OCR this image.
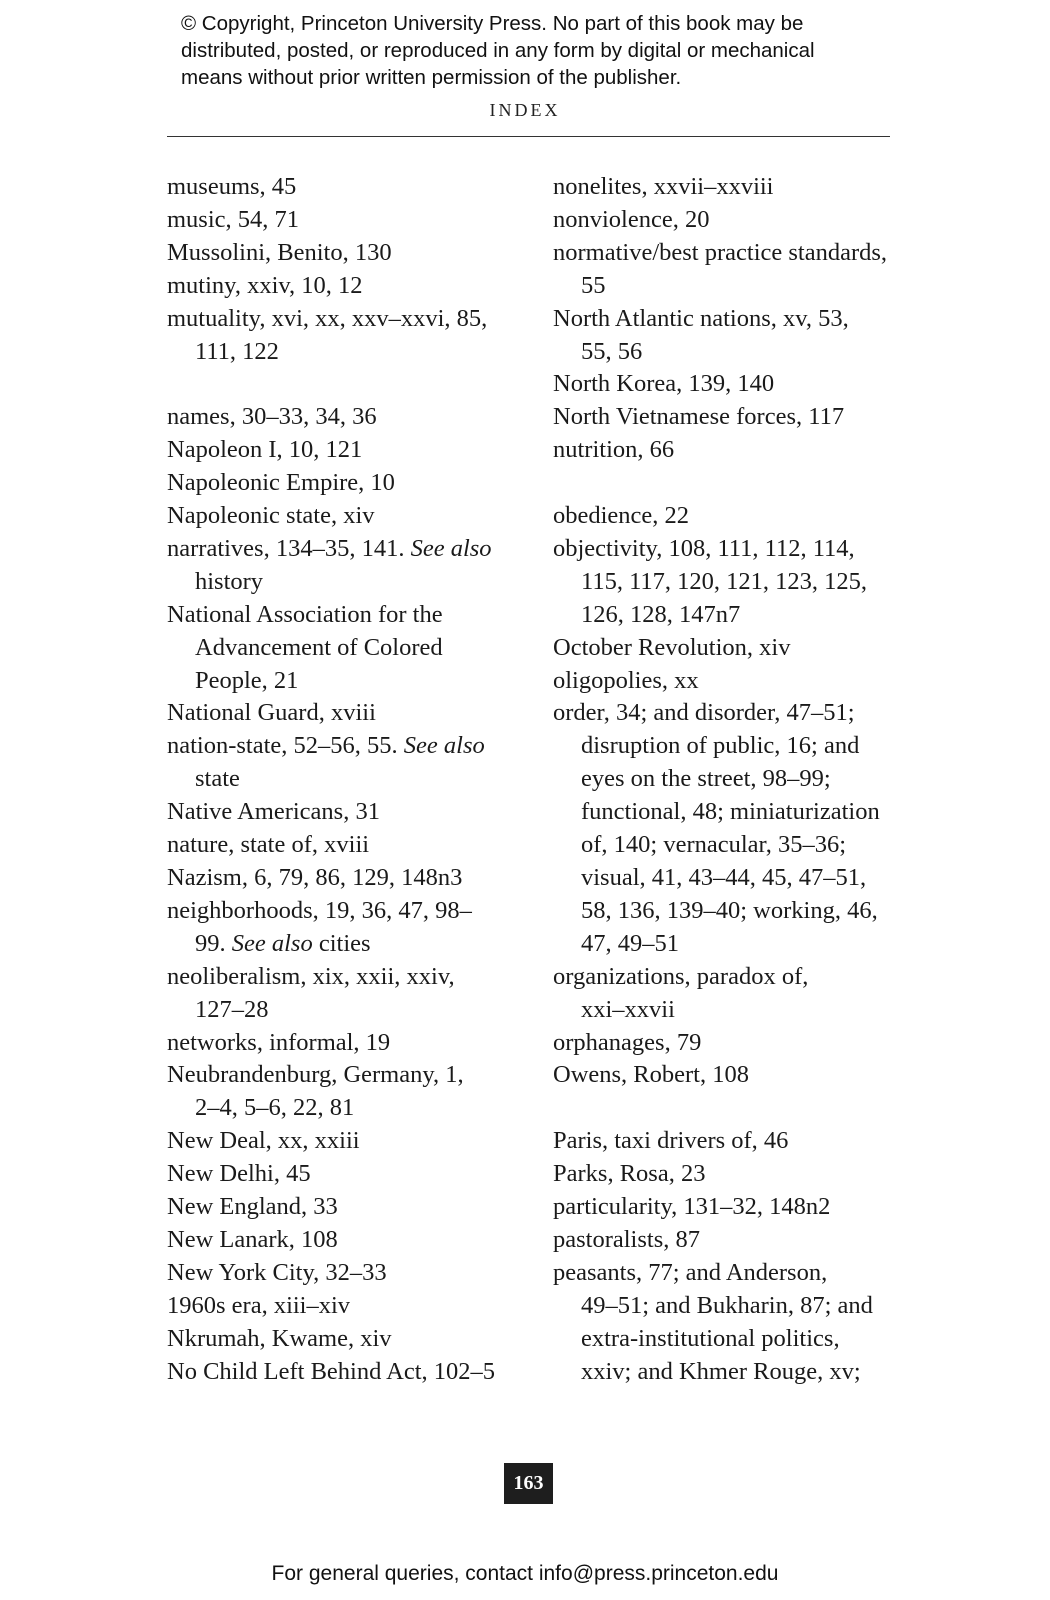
© Copyright, Princeton University Press. No part of this book may be
distributed, posted, or reproduced in any form by digital or mechanical
means without prior written permission of the publisher.
INDEX
museums, 45
music, 54, 71
Mussolini, Benito, 130
mutiny, xxiv, 10, 12
mutuality, xvi, xx, xxv–xxvi, 85,
111, 122
names, 30–33, 34, 36
Napoleon I, 10, 121
Napoleonic Empire, 10
Napoleonic state, xiv
narratives, 134–35, 141. See also
history
National Association for the
Advancement of Colored
People, 21
National Guard, xviii
nation-state, 52–56, 55. See also
state
Native Americans, 31
nature, state of, xviii
Nazism, 6, 79, 86, 129, 148n3
neighborhoods, 19, 36, 47, 98–
99. See also cities
neoliberalism, xix, xxii, xxiv,
127–28
networks, informal, 19
Neubrandenburg, Germany, 1,
2–4, 5–6, 22, 81
New Deal, xx, xxiii
New Delhi, 45
New England, 33
New Lanark, 108
New York City, 32–33
1960s era, xiii–xiv
Nkrumah, Kwame, xiv
No Child Left Behind Act, 102–5
nonelites, xxvii–xxviii
nonviolence, 20
normative/best practice standards,
55
North Atlantic nations, xv, 53,
55, 56
North Korea, 139, 140
North Vietnamese forces, 117
nutrition, 66
obedience, 22
objectivity, 108, 111, 112, 114,
115, 117, 120, 121, 123, 125,
126, 128, 147n7
October Revolution, xiv
oligopolies, xx
order, 34; and disorder, 47–51;
disruption of public, 16; and
eyes on the street, 98–99;
functional, 48; miniaturization
of, 140; vernacular, 35–36;
visual, 41, 43–44, 45, 47–51,
58, 136, 139–40; working, 46,
47, 49–51
organizations, paradox of,
xxi–xxvii
orphanages, 79
Owens, Robert, 108
Paris, taxi drivers of, 46
Parks, Rosa, 23
particularity, 131–32, 148n2
pastoralists, 87
peasants, 77; and Anderson,
49–51; and Bukharin, 87; and
extra-institutional politics,
xxiv; and Khmer Rouge, xv;
163
For general queries, contact info@press.princeton.edu
